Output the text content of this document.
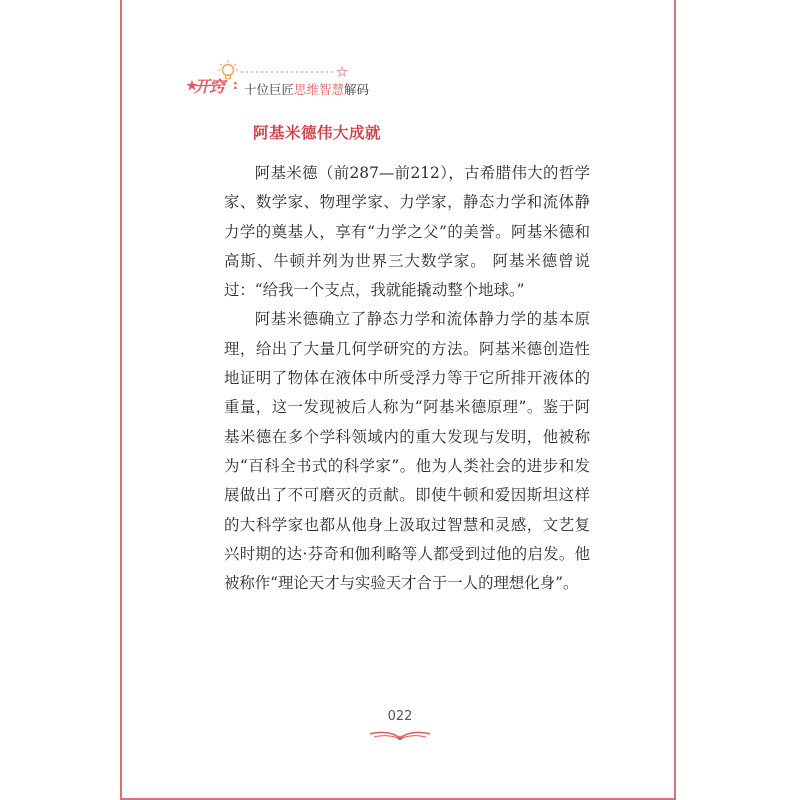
开窍 : 十位巨匠思维智慧解码
阿基米德伟大成就

阿基米德（前287—前212），古希腊伟大的哲学家、数学家、物理学家、力学家，静态力学和流体静力学的奠基人，享有“力学之父”的美誉。阿基米德和高斯、牛顿并列为世界三大数学家。 阿基米德曾说过：“给我一个支点，我就能撬动整个地球。”

阿基米德确立了静态力学和流体静力学的基本原理，给出了大量几何学研究的方法。阿基米德创造性地证明了物体在液体中所受浮力等于它所排开液体的重量，这一发现被后人称为“阿基米德原理”。鉴于阿基米德在多个学科领域内的重大发现与发明，他被称为“百科全书式的科学家”。他为人类社会的进步和发展做出了不可磨灭的贡献。即使牛顿和爱因斯坦这样的大科学家也都从他身上汲取过智慧和灵感，文艺复兴时期的达·芬奇和伽利略等人都受到过他的启发。他被称作“理论天才与实验天才合于一人的理想化身”。

022
